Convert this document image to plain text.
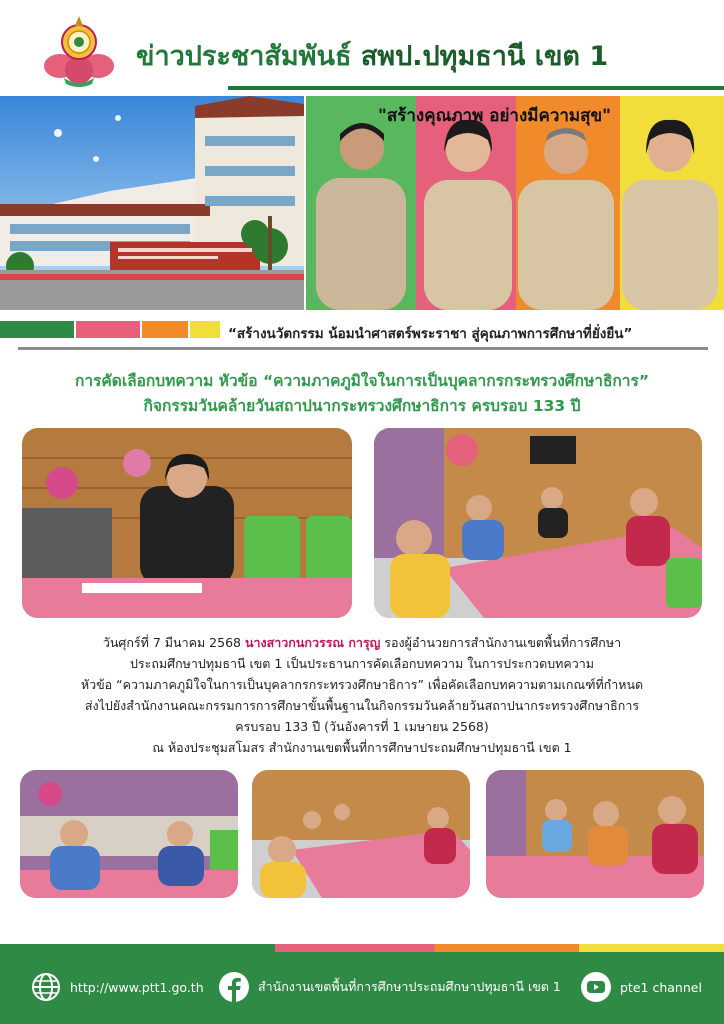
ข่าวประชาสัมพันธ์ สพป.ปทุมธานี เขต 1
"สร้างคุณภาพ อย่างมีความสุข"
“สร้างนวัตกรรม น้อมนำศาสตร์พระราชา สู่คุณภาพการศึกษาที่ยั่งยืน”
การคัดเลือกบทความ หัวข้อ “ความภาคภูมิใจในการเป็นบุคลากรกระทรวงศึกษาธิการ”
กิจกรรมวันคล้ายวันสถาปนากระทรวงศึกษาธิการ ครบรอบ 133 ปี
วันศุกร์ที่ 7 มีนาคม 2568 นางสาวกนกวรรณ การุญ รองผู้อำนวยการสำนักงานเขตพื้นที่การศึกษา
ประถมศึกษาปทุมธานี เขต 1 เป็นประธานการคัดเลือกบทความ ในการประกวดบทความ
หัวข้อ “ความภาคภูมิใจในการเป็นบุคลากรกระทรวงศึกษาธิการ” เพื่อคัดเลือกบทความตามเกณฑ์ที่กำหนด
ส่งไปยังสำนักงานคณะกรรมการการศึกษาขั้นพื้นฐานในกิจกรรมวันคล้ายวันสถาปนากระทรวงศึกษาธิการ
ครบรอบ 133 ปี (วันอังคารที่ 1 เมษายน 2568)
ณ ห้องประชุมสโมสร สำนักงานเขตพื้นที่การศึกษาประถมศึกษาปทุมธานี เขต 1
http://www.ptt1.go.th	สำนักงานเขตพื้นที่การศึกษาประถมศึกษาปทุมธานี เขต 1	pte1 channel
